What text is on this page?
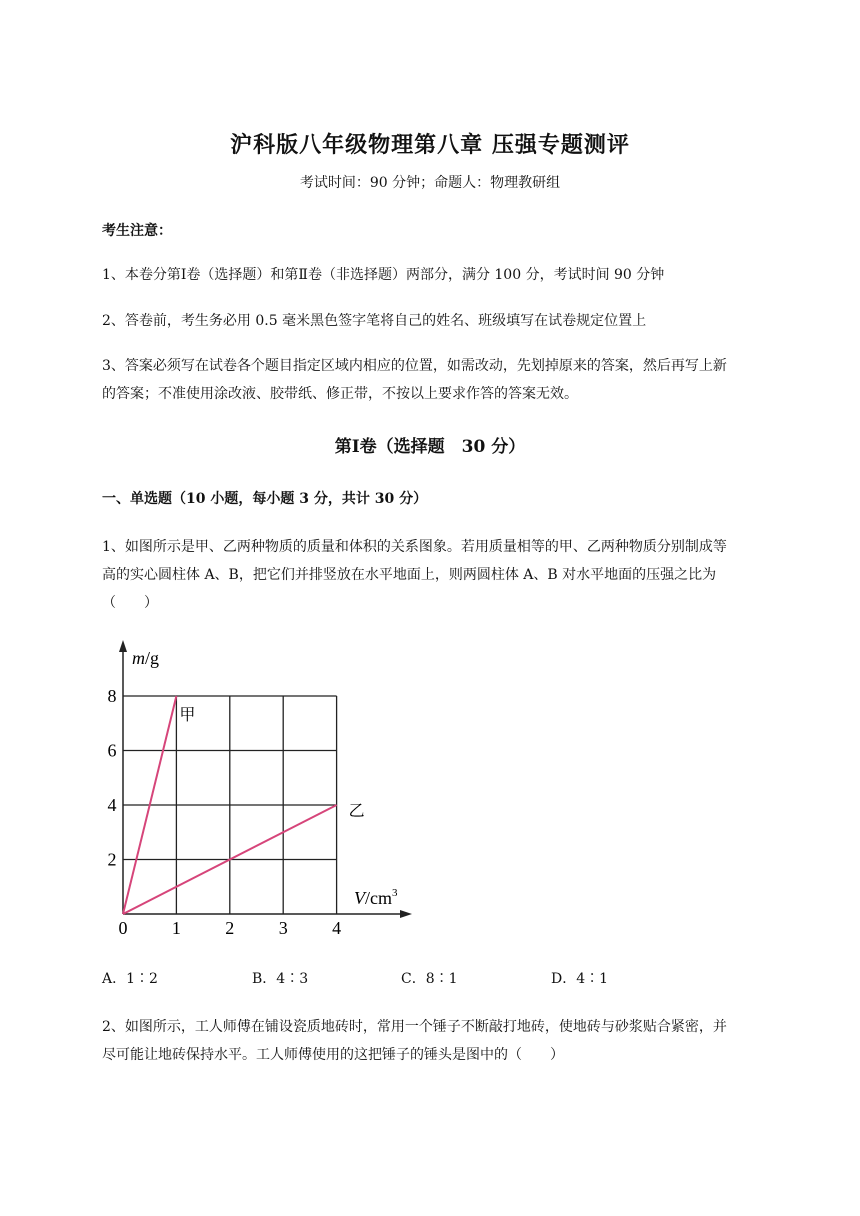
沪科版八年级物理第八章 压强专题测评
考试时间：90 分钟；命题人：物理教研组
考生注意：
1、本卷分第Ⅰ卷（选择题）和第Ⅱ卷（非选择题）两部分，满分 100 分，考试时间 90 分钟
2、答卷前，考生务必用 0.5 毫米黑色签字笔将自己的姓名、班级填写在试卷规定位置上
3、答案必须写在试卷各个题目指定区域内相应的位置，如需改动，先划掉原来的答案，然后再写上新
的答案；不准使用涂改液、胶带纸、修正带，不按以上要求作答的答案无效。
第Ⅰ卷（选择题　30 分）
一、单选题（10 小题，每小题 3 分，共计 30 分）
1、如图所示是甲、乙两种物质的质量和体积的关系图象。若用质量相等的甲、乙两种物质分别制成等
高的实心圆柱体 A、B，把它们并排竖放在水平地面上，则两圆柱体 A、B 对水平地面的压强之比为
（　　）
m/g
$V/cm^3$
0 1 2 3 4
2
4
6
8
甲
乙
A．1∶2	B．4∶3	C．8∶1	D．4∶1
2、如图所示，工人师傅在铺设瓷质地砖时，常用一个锤子不断敲打地砖，使地砖与砂浆贴合紧密，并
尽可能让地砖保持水平。工人师傅使用的这把锤子的锤头是图中的（　　）
